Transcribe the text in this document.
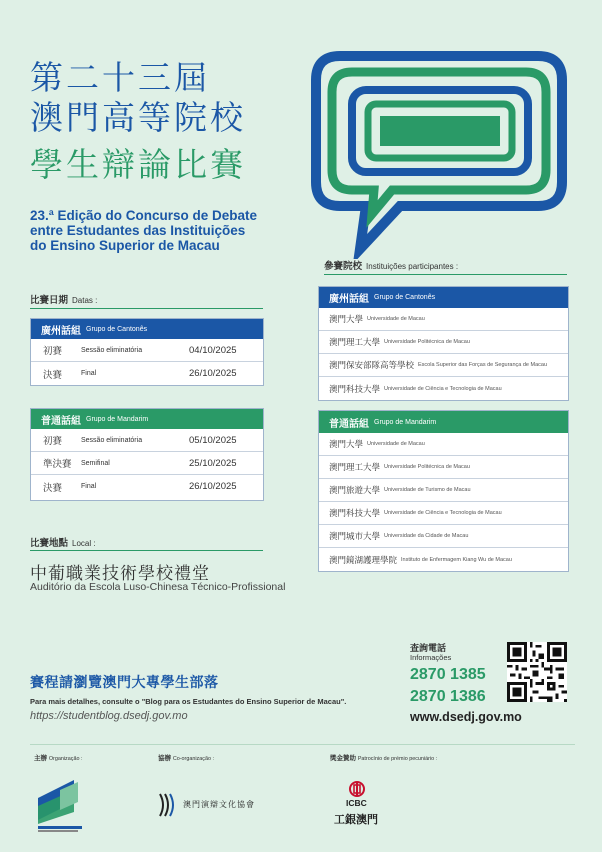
第二十三屆
澳門高等院校
學生辯論比賽
23.ª Edição do Concurso de Debate
entre Estudantes das Instituições
do Ensino Superior de Macau
比賽日期 Datas :
廣州話組 Grupo de Cantonês
初賽	Sessão eliminatória	04/10/2025
決賽	Final	26/10/2025
普通話組 Grupo de Mandarim
初賽	Sessão eliminatória	05/10/2025
準決賽	Semifinal	25/10/2025
決賽	Final	26/10/2025
參賽院校 Instituições participantes :
廣州話組 Grupo de Cantonês
澳門大學 Universidade de Macau
澳門理工大學 Universidade Politécnica de Macau
澳門保安部隊高等學校 Escola Superior das Forças de Segurança de Macau
澳門科技大學 Universidade de Ciência e Tecnologia de Macau
普通話組 Grupo de Mandarim
澳門大學 Universidade de Macau
澳門理工大學 Universidade Politécnica de Macau
澳門旅遊大學 Universidade de Turismo de Macau
澳門科技大學 Universidade de Ciência e Tecnologia de Macau
澳門城市大學 Universidade da Cidade de Macau
澳門鏡湖護理學院 Instituto de Enfermagem Kiang Wu de Macau
比賽地點 Local :
中葡職業技術學校禮堂
Auditório da Escola Luso-Chinesa Técnico-Profissional
賽程請瀏覽澳門大專學生部落
Para mais detalhes, consulte o "Blog para os Estudantes do Ensino Superior de Macau".
https://studentblog.dsedj.gov.mo
查詢電話
Informações
2870 1385
2870 1386
www.dsedj.gov.mo
主辦 Organização :	協辦 Co-organização :	獎金贊助 Patrocínio de prémio pecuniário :
澳門演辯文化協會	ICBC
工銀澳門
